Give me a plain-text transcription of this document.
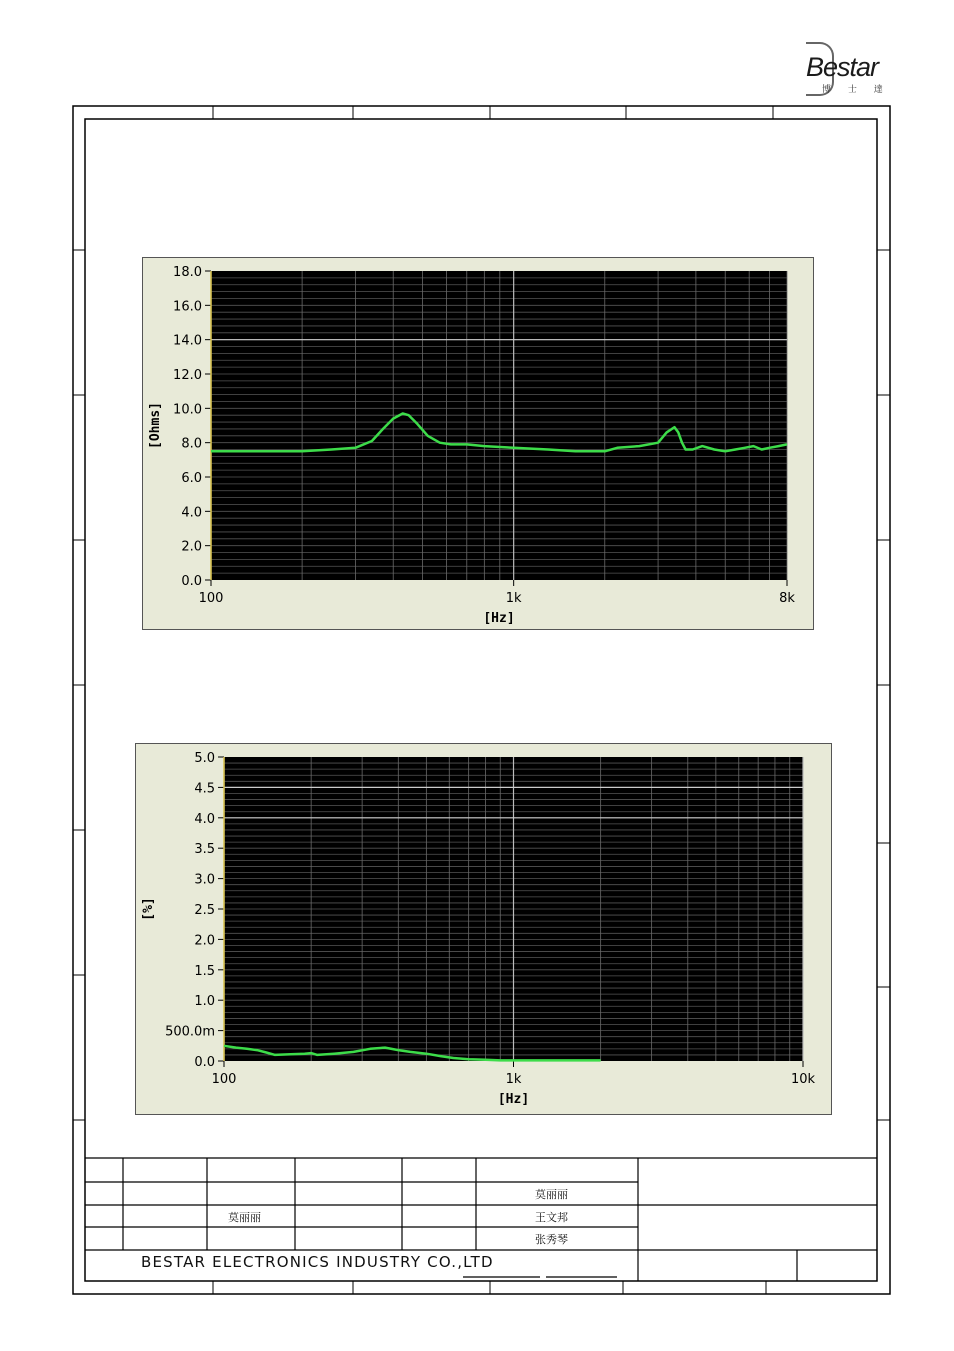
Bestar
博 士 達
18.0
16.0
14.0
12.0
10.0
8.0
6.0
4.0
2.0
0.0
100	1k	8k
[Hz]
[Ohms]
5.0
4.5
4.0
3.5
3.0
2.5
2.0
1.5
1.0
500.0m
0.0
100	1k	10k
[Hz]
[%]
莫丽丽
莫丽丽	王文邦
张秀琴
BESTAR ELECTRONICS INDUSTRY CO.,LTD
